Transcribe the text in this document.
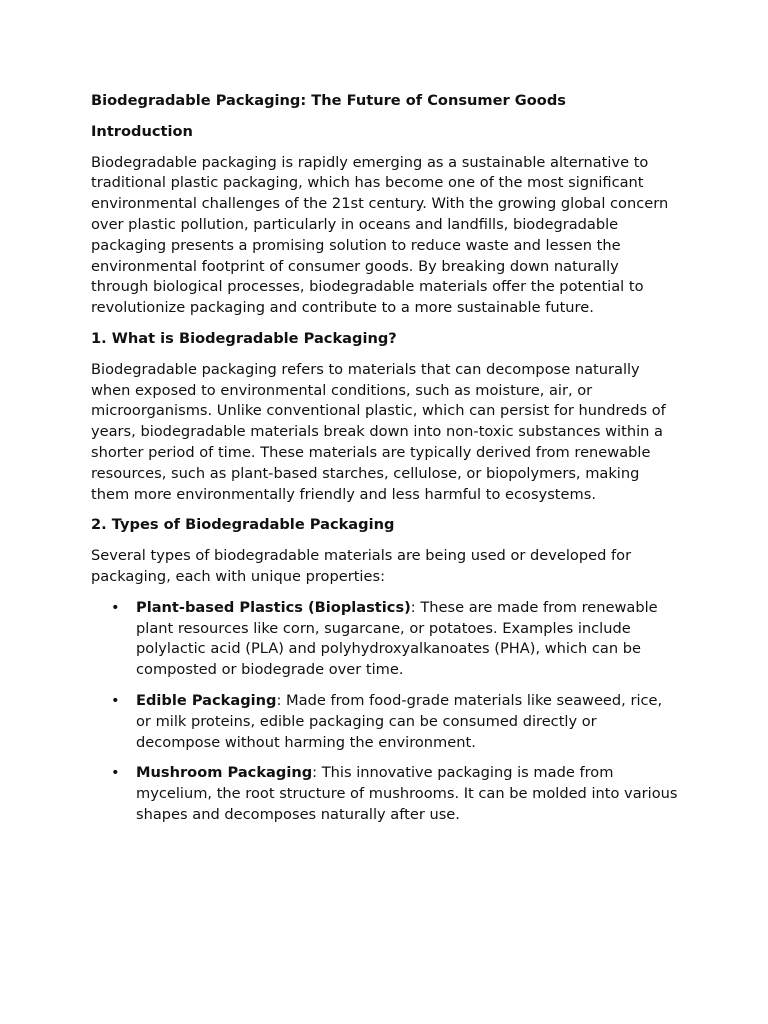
Biodegradable Packaging: The Future of Consumer Goods
Introduction

Biodegradable packaging is rapidly emerging as a sustainable alternative to traditional plastic packaging, which has become one of the most significant environmental challenges of the 21st century. With the growing global concern over plastic pollution, particularly in oceans and landfills, biodegradable packaging presents a promising solution to reduce waste and lessen the environmental footprint of consumer goods. By breaking down naturally through biological processes, biodegradable materials offer the potential to revolutionize packaging and contribute to a more sustainable future.

1. What is Biodegradable Packaging?

Biodegradable packaging refers to materials that can decompose naturally when exposed to environmental conditions, such as moisture, air, or microorganisms. Unlike conventional plastic, which can persist for hundreds of years, biodegradable materials break down into non-toxic substances within a shorter period of time. These materials are typically derived from renewable resources, such as plant-based starches, cellulose, or biopolymers, making them more environmentally friendly and less harmful to ecosystems.

2. Types of Biodegradable Packaging

Several types of biodegradable materials are being used or developed for packaging, each with unique properties:

• Plant-based Plastics (Bioplastics): These are made from renewable plant resources like corn, sugarcane, or potatoes. Examples include polylactic acid (PLA) and polyhydroxyalkanoates (PHA), which can be composted or biodegrade over time.
• Edible Packaging: Made from food-grade materials like seaweed, rice, or milk proteins, edible packaging can be consumed directly or decompose without harming the environment.
• Mushroom Packaging: This innovative packaging is made from mycelium, the root structure of mushrooms. It can be molded into various shapes and decomposes naturally after use.
